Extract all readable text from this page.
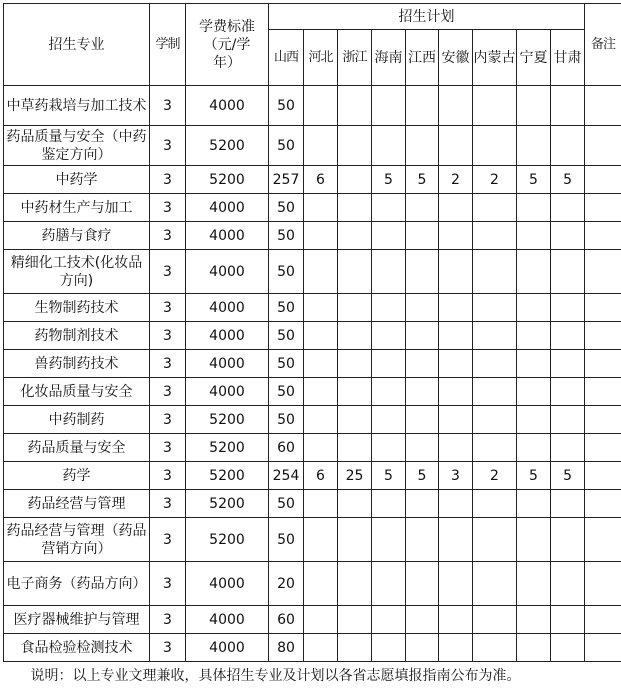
招生专业	学制	学费标准（元/学年）	招生计划									备注
			山西	河北	浙江	海南	江西	安徽	内蒙古	宁夏	甘肃	
中草药栽培与加工技术	3	4000	50									
药品质量与安全（中药鉴定方向）	3	5200	50									
中药学	3	5200	257	6		5	5	2	2	5	5	
中药材生产与加工	3	4000	50									
药膳与食疗	3	4000	50									
精细化工技术(化妆品方向)	3	4000	50									
生物制药技术	3	4000	50									
药物制剂技术	3	4000	50									
兽药制药技术	3	4000	50									
化妆品质量与安全	3	4000	50									
中药制药	3	5200	50									
药品质量与安全	3	5200	60									
药学	3	5200	254	6	25	5	5	3	2	5	5	
药品经营与管理	3	5200	50									
药品经营与管理（药品营销方向）	3	5200	50									
电子商务（药品方向）	3	4000	20									
医疗器械维护与管理	3	4000	60									
食品检验检测技术	3	4000	80									
说明：以上专业文理兼收，具体招生专业及计划以各省志愿填报指南公布为准。												
